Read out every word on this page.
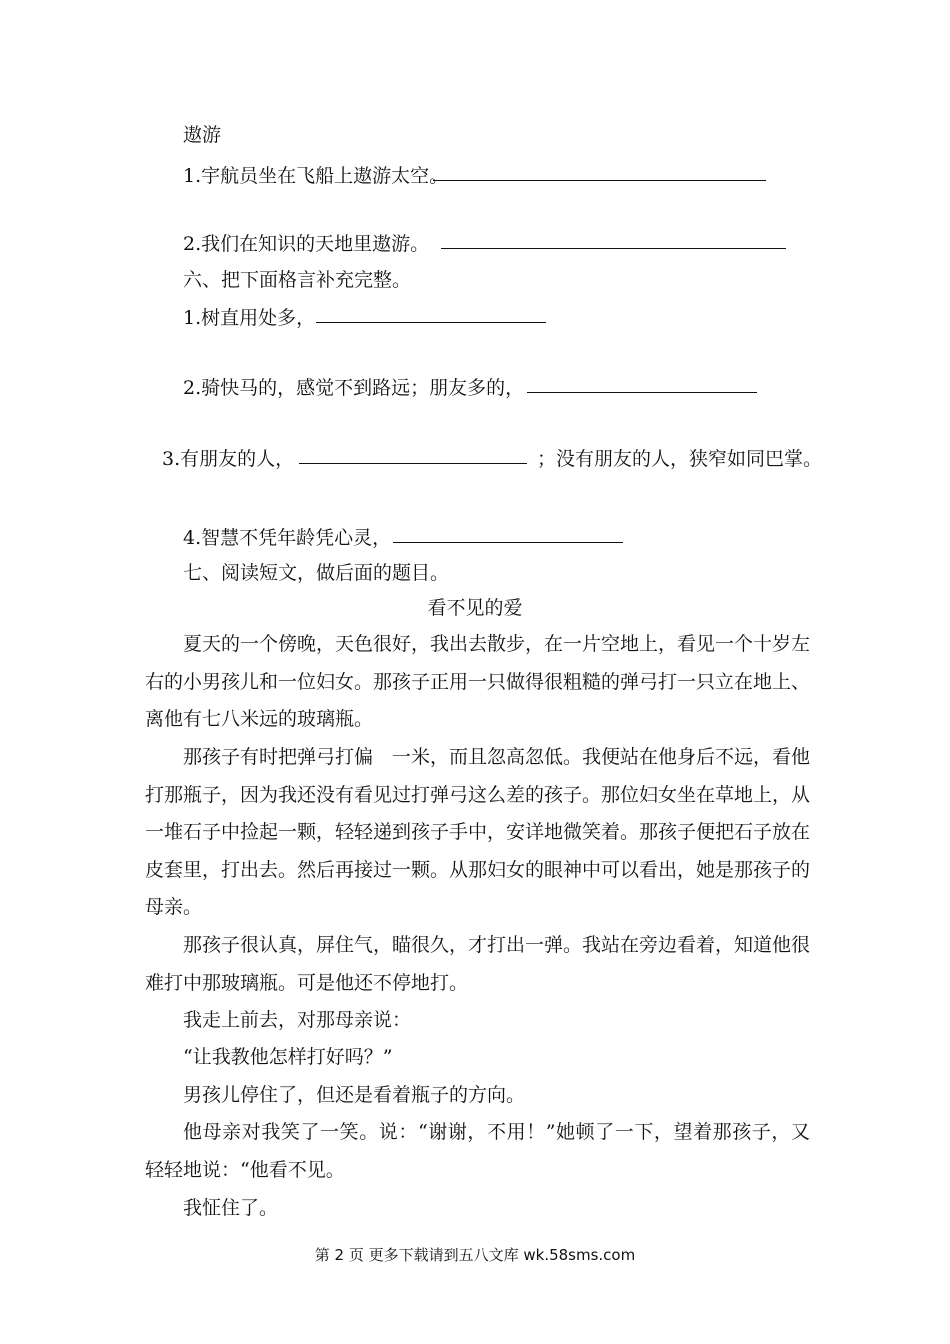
遨游
1.宇航员坐在飞船上遨游太空。
2.我们在知识的天地里遨游。
六、把下面格言补充完整。
1.树直用处多，
2.骑快马的，感觉不到路远；朋友多的，
3.有朋友的人，	；没有朋友的人，狭窄如同巴掌。
4.智慧不凭年龄凭心灵，
七、阅读短文，做后面的题目。
看不见的爱
夏天的一个傍晚，天色很好，我出去散步，在一片空地上，看见一个十岁左右的小男孩儿和一位妇女。那孩子正用一只做得很粗糙的弹弓打一只立在地上、离他有七八米远的玻璃瓶。
那孩子有时把弹弓打偏　一米，而且忽高忽低。我便站在他身后不远，看他打那瓶子，因为我还没有看见过打弹弓这么差的孩子。那位妇女坐在草地上，从一堆石子中捡起一颗，轻轻递到孩子手中，安详地微笑着。那孩子便把石子放在皮套里，打出去。然后再接过一颗。从那妇女的眼神中可以看出，她是那孩子的母亲。
那孩子很认真，屏住气，瞄很久，才打出一弹。我站在旁边看着，知道他很难打中那玻璃瓶。可是他还不停地打。
我走上前去，对那母亲说：
“让我教他怎样打好吗？”
男孩儿停住了，但还是看着瓶子的方向。
他母亲对我笑了一笑。说：“谢谢，不用！”她顿了一下，望着那孩子，又轻轻地说：“他看不见。
我怔住了。
第 2 页 更多下载请到五八文库 wk.58sms.com
